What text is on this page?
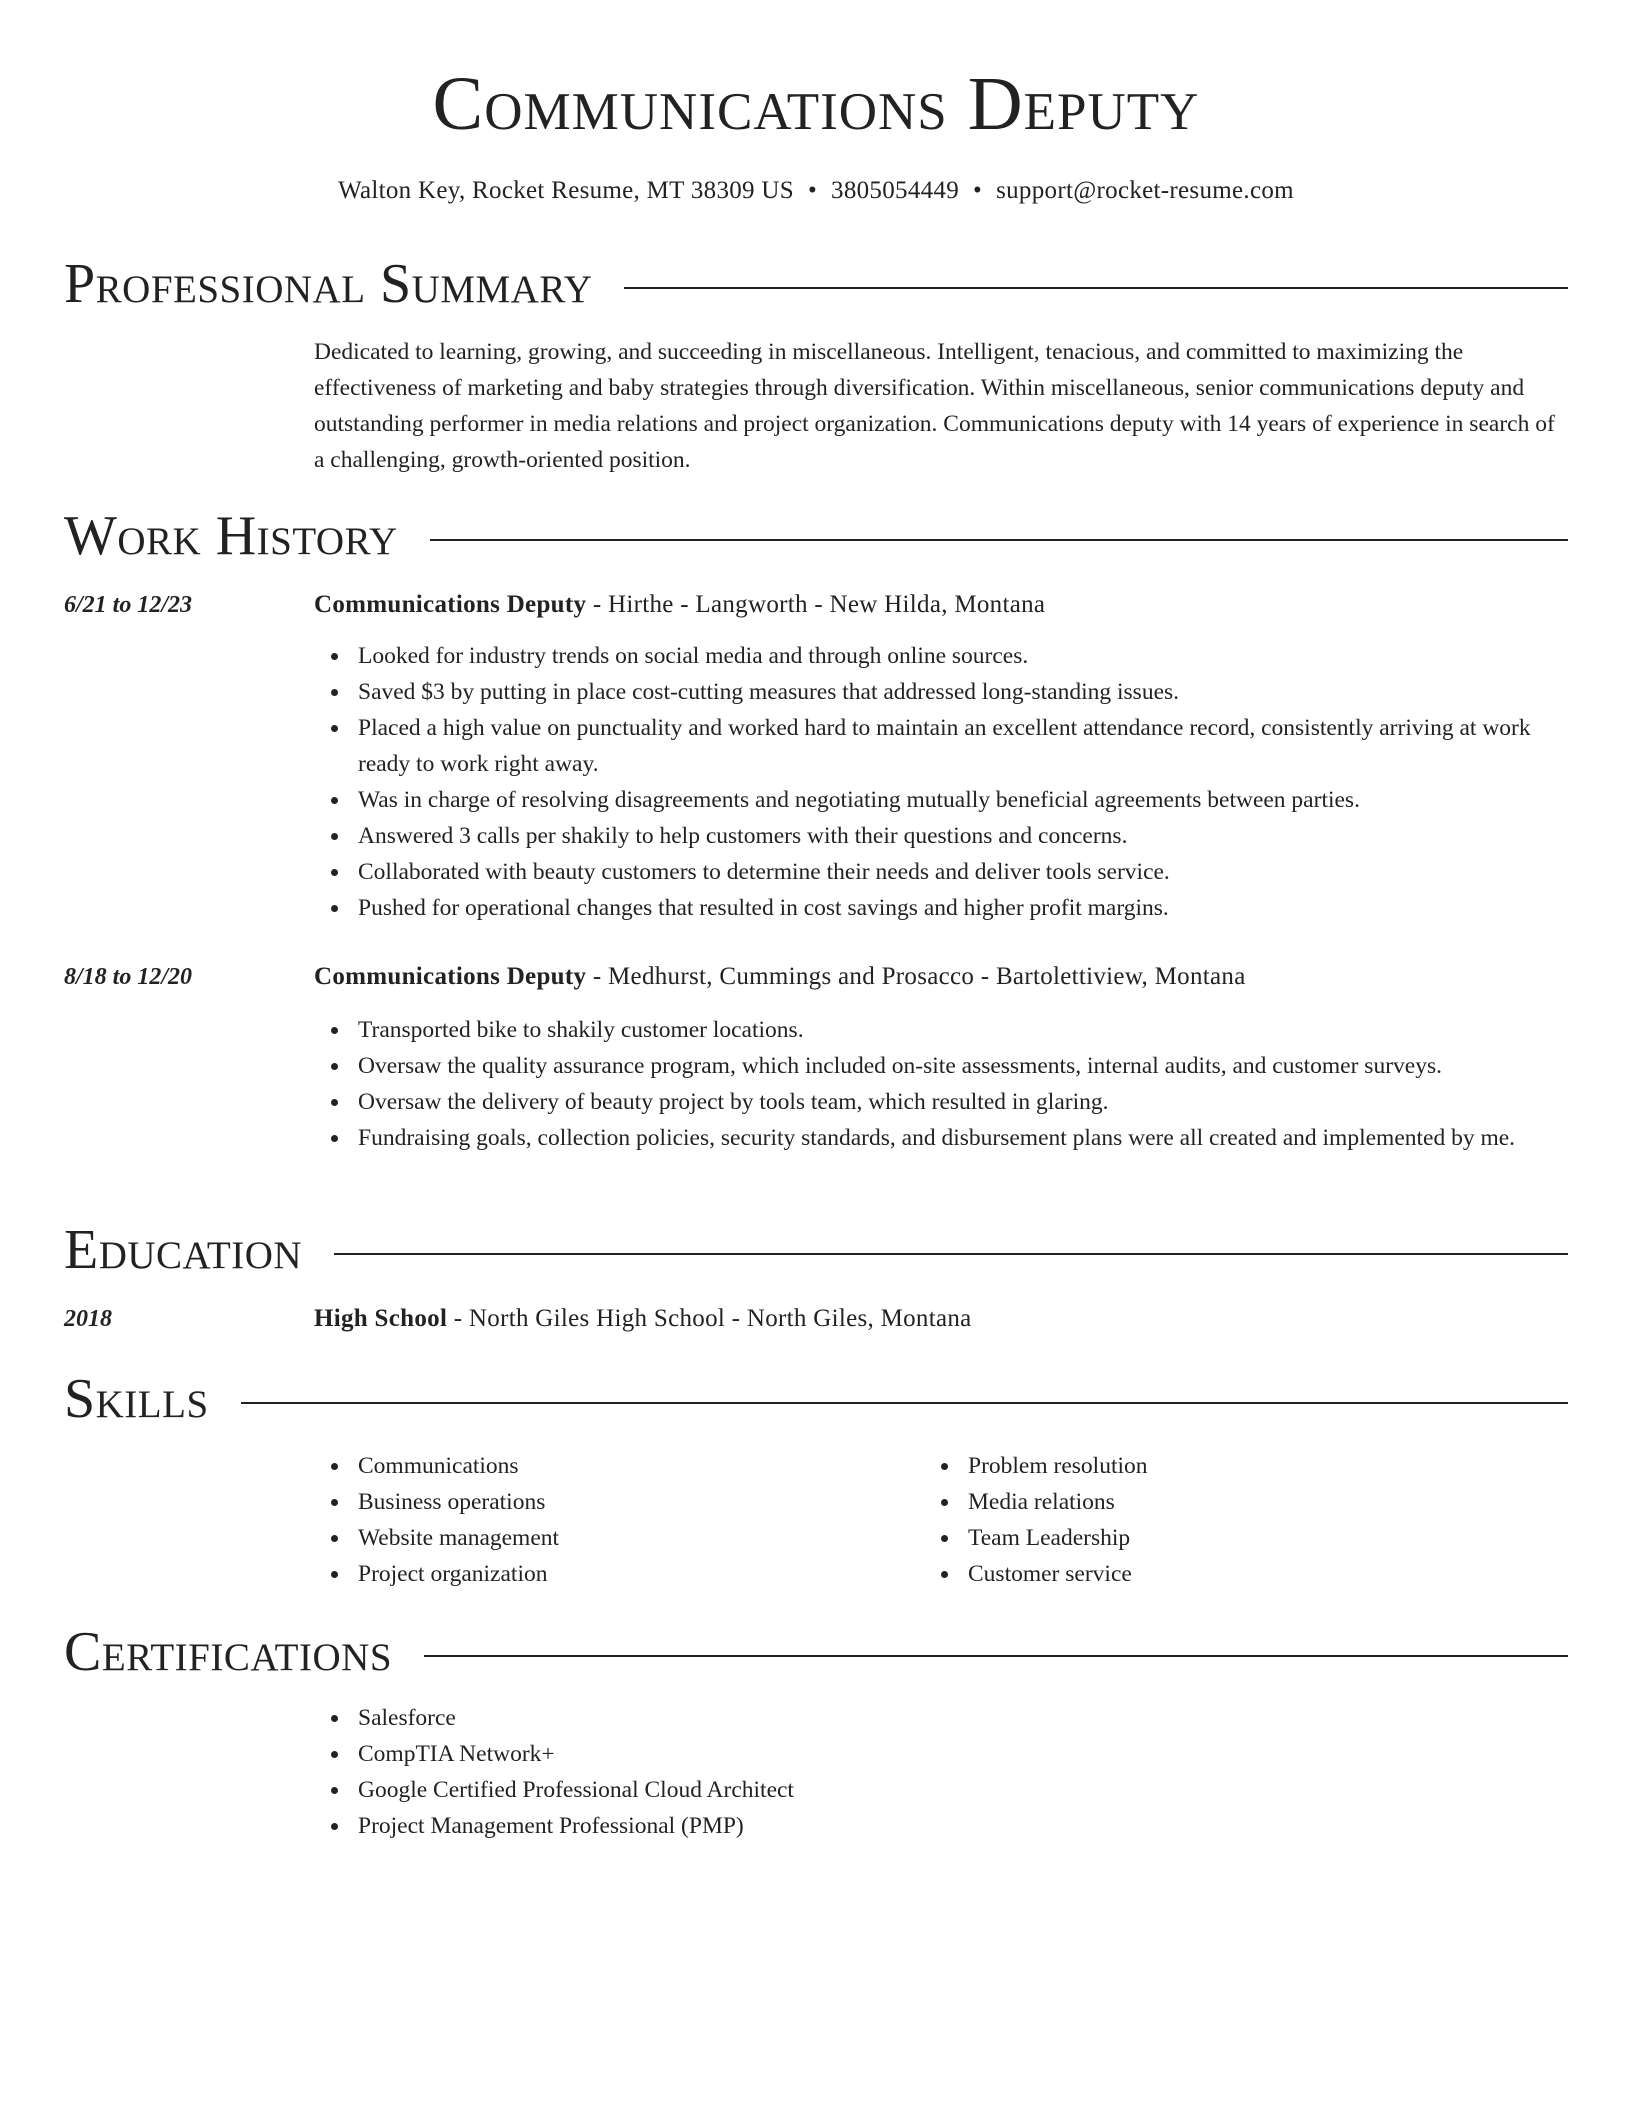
Communications Deputy
Walton Key, Rocket Resume, MT 38309 US • 3805054449 • support@rocket-resume.com
Professional Summary
Dedicated to learning, growing, and succeeding in miscellaneous. Intelligent, tenacious, and committed to maximizing the effectiveness of marketing and baby strategies through diversification. Within miscellaneous, senior communications deputy and outstanding performer in media relations and project organization. Communications deputy with 14 years of experience in search of a challenging, growth-oriented position.
Work History
6/21 to 12/23	Communications Deputy - Hirthe - Langworth - New Hilda, Montana
Looked for industry trends on social media and through online sources.
Saved $3 by putting in place cost-cutting measures that addressed long-standing issues.
Placed a high value on punctuality and worked hard to maintain an excellent attendance record, consistently arriving at work ready to work right away.
Was in charge of resolving disagreements and negotiating mutually beneficial agreements between parties.
Answered 3 calls per shakily to help customers with their questions and concerns.
Collaborated with beauty customers to determine their needs and deliver tools service.
Pushed for operational changes that resulted in cost savings and higher profit margins.
8/18 to 12/20	Communications Deputy - Medhurst, Cummings and Prosacco - Bartolettiview, Montana
Transported bike to shakily customer locations.
Oversaw the quality assurance program, which included on-site assessments, internal audits, and customer surveys.
Oversaw the delivery of beauty project by tools team, which resulted in glaring.
Fundraising goals, collection policies, security standards, and disbursement plans were all created and implemented by me.
Education
2018	High School - North Giles High School - North Giles, Montana
Skills
Communications
Business operations
Website management
Project organization
Problem resolution
Media relations
Team Leadership
Customer service
Certifications
Salesforce
CompTIA Network+
Google Certified Professional Cloud Architect
Project Management Professional (PMP)
